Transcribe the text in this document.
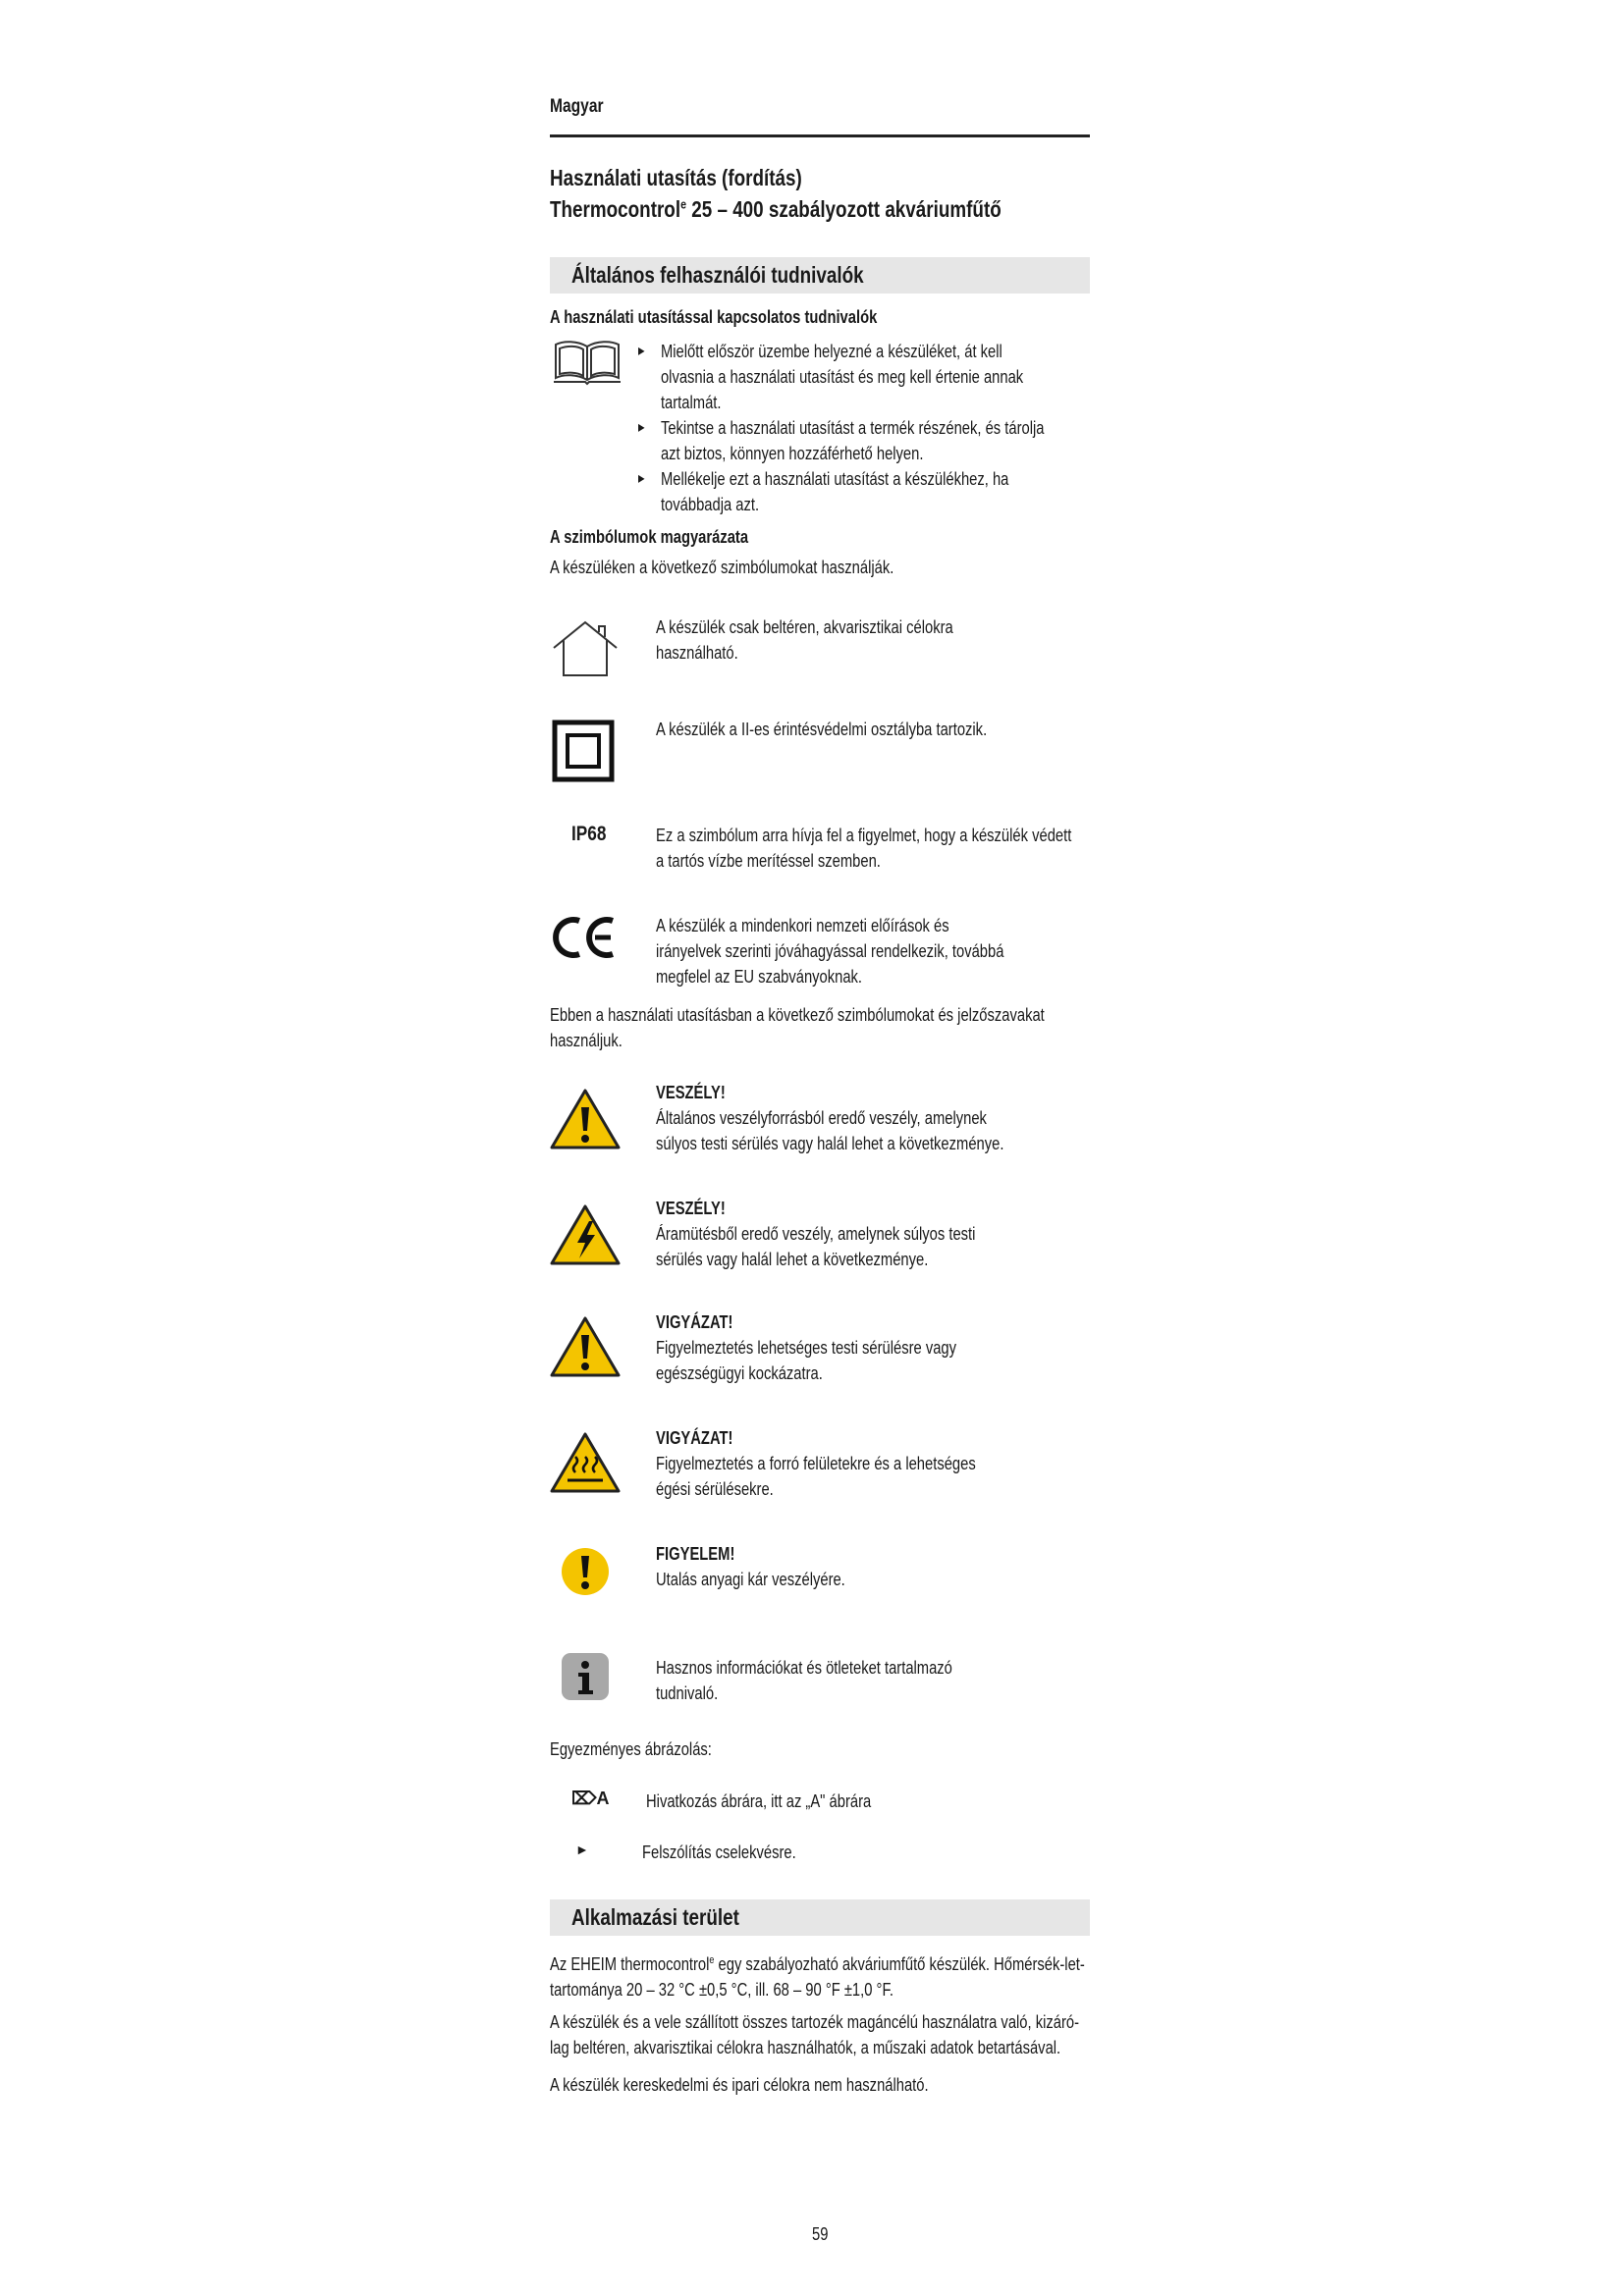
Magyar
Használati utasítás (fordítás)
Thermocontrol$^e$ 25 – 400 szabályozott akváriumfűtő
Általános felhasználói tudnivalók
A használati utasítással kapcsolatos tudnivalók
▸ Mielőtt először üzembe helyezné a készüléket, át kell olvasnia a használati utasítást és meg kell értenie annak tartalmát.
▸ Tekintse a használati utasítást a termék részének, és tárolja azt biztos, könnyen hozzáférhető helyen.
▸ Mellékelje ezt a használati utasítást a készülékhez, ha továbbadja azt.
A szimbólumok magyarázata
A készüléken a következő szimbólumokat használják.
A készülék csak beltéren, akvarisztikai célokra használható.
A készülék a II-es érintésvédelmi osztályba tartozik.
IP68	Ez a szimbólum arra hívja fel a figyelmet, hogy a készülék védett a tartós vízbe merítéssel szemben.
A készülék a mindenkori nemzeti előírások és irányelvek szerinti jóváhagyással rendelkezik, továbbá megfelel az EU szabványoknak.
Ebben a használati utasításban a következő szimbólumokat és jelzőszavakat használjuk.
VESZÉLY!
Általános veszélyforrásból eredő veszély, amelynek súlyos testi sérülés vagy halál lehet a következménye.
VESZÉLY!
Áramütésből eredő veszély, amelynek súlyos testi sérülés vagy halál lehet a következménye.
VIGYÁZAT!
Figyelmeztetés lehetséges testi sérülésre vagy egészségügyi kockázatra.
VIGYÁZAT!
Figyelmeztetés a forró felületekre és a lehetséges égési sérülésekre.
FIGYELEM!
Utalás anyagi kár veszélyére.
Hasznos információkat és ötleteket tartalmazó tudnivaló.
Egyezményes ábrázolás:
⌦A Hivatkozás ábrára, itt az „A" ábrára
►	Felszólítás cselekvésre.
Alkalmazási terület
Az EHEIM thermocontrol$^e$ egy szabályozható akváriumfűtő készülék. Hőmérsék-let-tartománya 20 – 32 °C ±0,5 °C, ill. 68 – 90 °F ±1,0 °F.
A készülék és a vele szállított összes tartozék magáncélú használatra való, kizáró-lag beltéren, akvarisztikai célokra használhatók, a műszaki adatok betartásával.
A készülék kereskedelmi és ipari célokra nem használható.
59
